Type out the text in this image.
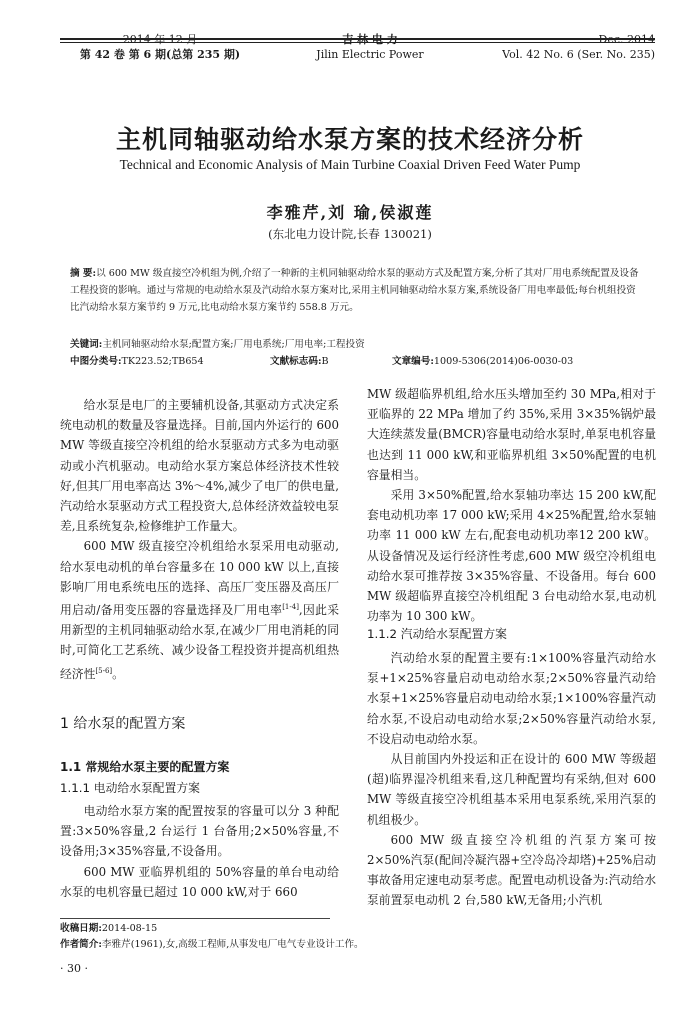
第 42 卷 第 6 期(总第 235 期)	Jilin Electric Power	Vol. 42 No. 6 (Ser. No. 235)
主机同轴驱动给水泵方案的技术经济分析
Technical and Economic Analysis of Main Turbine Coaxial Driven Feed Water Pump
李雅芹,刘 瑜,侯淑莲
(东北电力设计院,长春 130021)
摘 要:以 600 MW 级直接空冷机组为例,介绍了一种新的主机同轴驱动给水泵的驱动方式及配置方案,分析了其对厂用电系统配置及设备工程投资的影响。通过与常规的电动给水泵及汽动给水泵方案对比,采用主机同轴驱动给水泵方案,系统设备厂用电率最低;每台机组投资比汽动给水泵方案节约 9 万元,比电动给水泵方案节约 558.8 万元。
关键词:主机同轴驱动给水泵;配置方案;厂用电系统;厂用电率;工程投资
中图分类号:TK223.52;TB654	文献标志码:B	文章编号:1009-5306(2014)06-0030-03

给水泵是电厂的主要辅机设备,其驱动方式决定系统电动机的数量及容量选择。目前,国内外运行的 600 MW 等级直接空冷机组的给水泵驱动方式多为电动驱动或小汽机驱动。电动给水泵方案总体经济技术性较好,但其厂用电率高达 3%～4%,减少了电厂的供电量,汽动给水泵驱动方式工程投资大,总体经济效益较电泵差,且系统复杂,检修维护工作量大。

600 MW 级直接空冷机组给水泵采用电动驱动,给水泵电动机的单台容量多在 10 000 kW 以上,直接影响厂用电系统电压的选择、高压厂变压器及高压厂用启动/备用变压器的容量选择及厂用电率[1-4],因此采用新型的主机同轴驱动给水泵,在减少厂用电消耗的同时,可简化工艺系统、减少设备工程投资并提高机组热经济性[5-6]。

1 给水泵的配置方案
1.1 常规给水泵主要的配置方案
1.1.1 电动给水泵配置方案

电动给水泵方案的配置按泵的容量可以分 3 种配置:3×50%容量,2 台运行 1 台备用;2×50%容量,不设备用;3×35%容量,不设备用。

600 MW 亚临界机组的 50%容量的单台电动给水泵的电机容量已超过 10 000 kW,对于 660

MW 级超临界机组,给水压头增加至约 30 MPa,相对于亚临界的 22 MPa 增加了约 35%,采用 3×35%锅炉最大连续蒸发量(BMCR)容量电动给水泵时,单泵电机容量也达到 11 000 kW,和亚临界机组 3×50%配置的电机容量相当。

采用 3×50%配置,给水泵轴功率达 15 200 kW,配套电动机功率 17 000 kW;采用 4×25%配置,给水泵轴功率 11 000 kW 左右,配套电动机功率12 200 kW。从设备情况及运行经济性考虑,600 MW 级空冷机组电动给水泵可推荐按 3×35%容量、不设备用。每台 600 MW 级超临界直接空冷机组配 3 台电动给水泵,电动机功率为 10 300 kW。

1.1.2 汽动给水泵配置方案

汽动给水泵的配置主要有:1×100%容量汽动给水泵+1×25%容量启动电动给水泵;2×50%容量汽动给水泵+1×25%容量启动电动给水泵;1×100%容量汽动给水泵,不设启动电动给水泵;2×50%容量汽动给水泵,不设启动电动给水泵。

从目前国内外投运和正在设计的 600 MW 等级超(超)临界湿冷机组来看,这几种配置均有采纳,但对 600 MW 等级直接空冷机组基本采用电泵系统,采用汽泵的机组极少。

600 MW 级直接空冷机组的汽泵方案可按 2×50%汽泵(配间冷凝汽器+空冷岛冷却塔)+25%启动事故备用定速电动泵考虑。配置电动机设备为:汽动给水泵前置泵电动机 2 台,580 kW,无备用;小汽机

收稿日期:2014-08-15
作者简介:李雅芹(1961),女,高级工程师,从事发电厂电气专业设计工作。
· 30 ·
